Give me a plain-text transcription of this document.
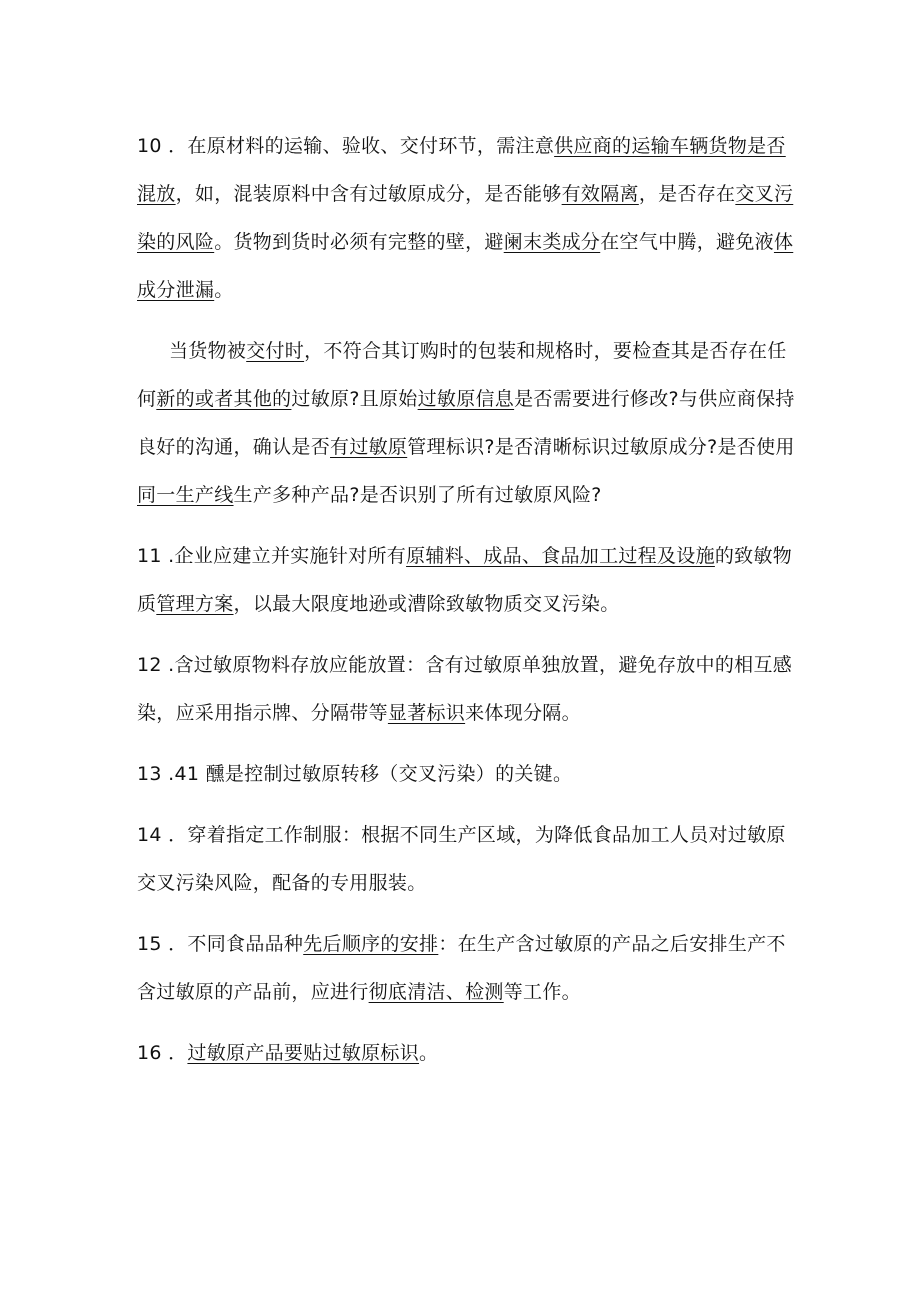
10 ．在原材料的运输、验收、交付环节，需注意供应商的运输车辆货物是否混放，如，混装原料中含有过敏原成分，是否能够有效隔离，是否存在交叉污染的风险。货物到货时必须有完整的壁，避阑末类成分在空气中腾，避免液体成分泄漏。

当货物被交付时，不符合其订购时的包装和规格时，要检查其是否存在任何新的或者其他的过敏原?且原始过敏原信息是否需要进行修改?与供应商保持良好的沟通，确认是否有过敏原管理标识?是否清晰标识过敏原成分?是否使用同一生产线生产多种产品?是否识别了所有过敏原风险?

11 .企业应建立并实施针对所有原辅料、成品、食品加工过程及设施的致敏物质管理方案，以最大限度地逊或漕除致敏物质交叉污染。

12 .含过敏原物料存放应能放置：含有过敏原单独放置，避免存放中的相互感染，应采用指示牌、分隔带等显著标识来体现分隔。

13 .41 醺是控制过敏原转移（交叉污染）的关键。

14 ．穿着指定工作制服：根据不同生产区域，为降低食品加工人员对过敏原交叉污染风险，配备的专用服装。

15 ．不同食品品种先后顺序的安排：在生产含过敏原的产品之后安排生产不含过敏原的产品前，应进行彻底清洁、检测等工作。

16 ．过敏原产品要贴过敏原标识。
